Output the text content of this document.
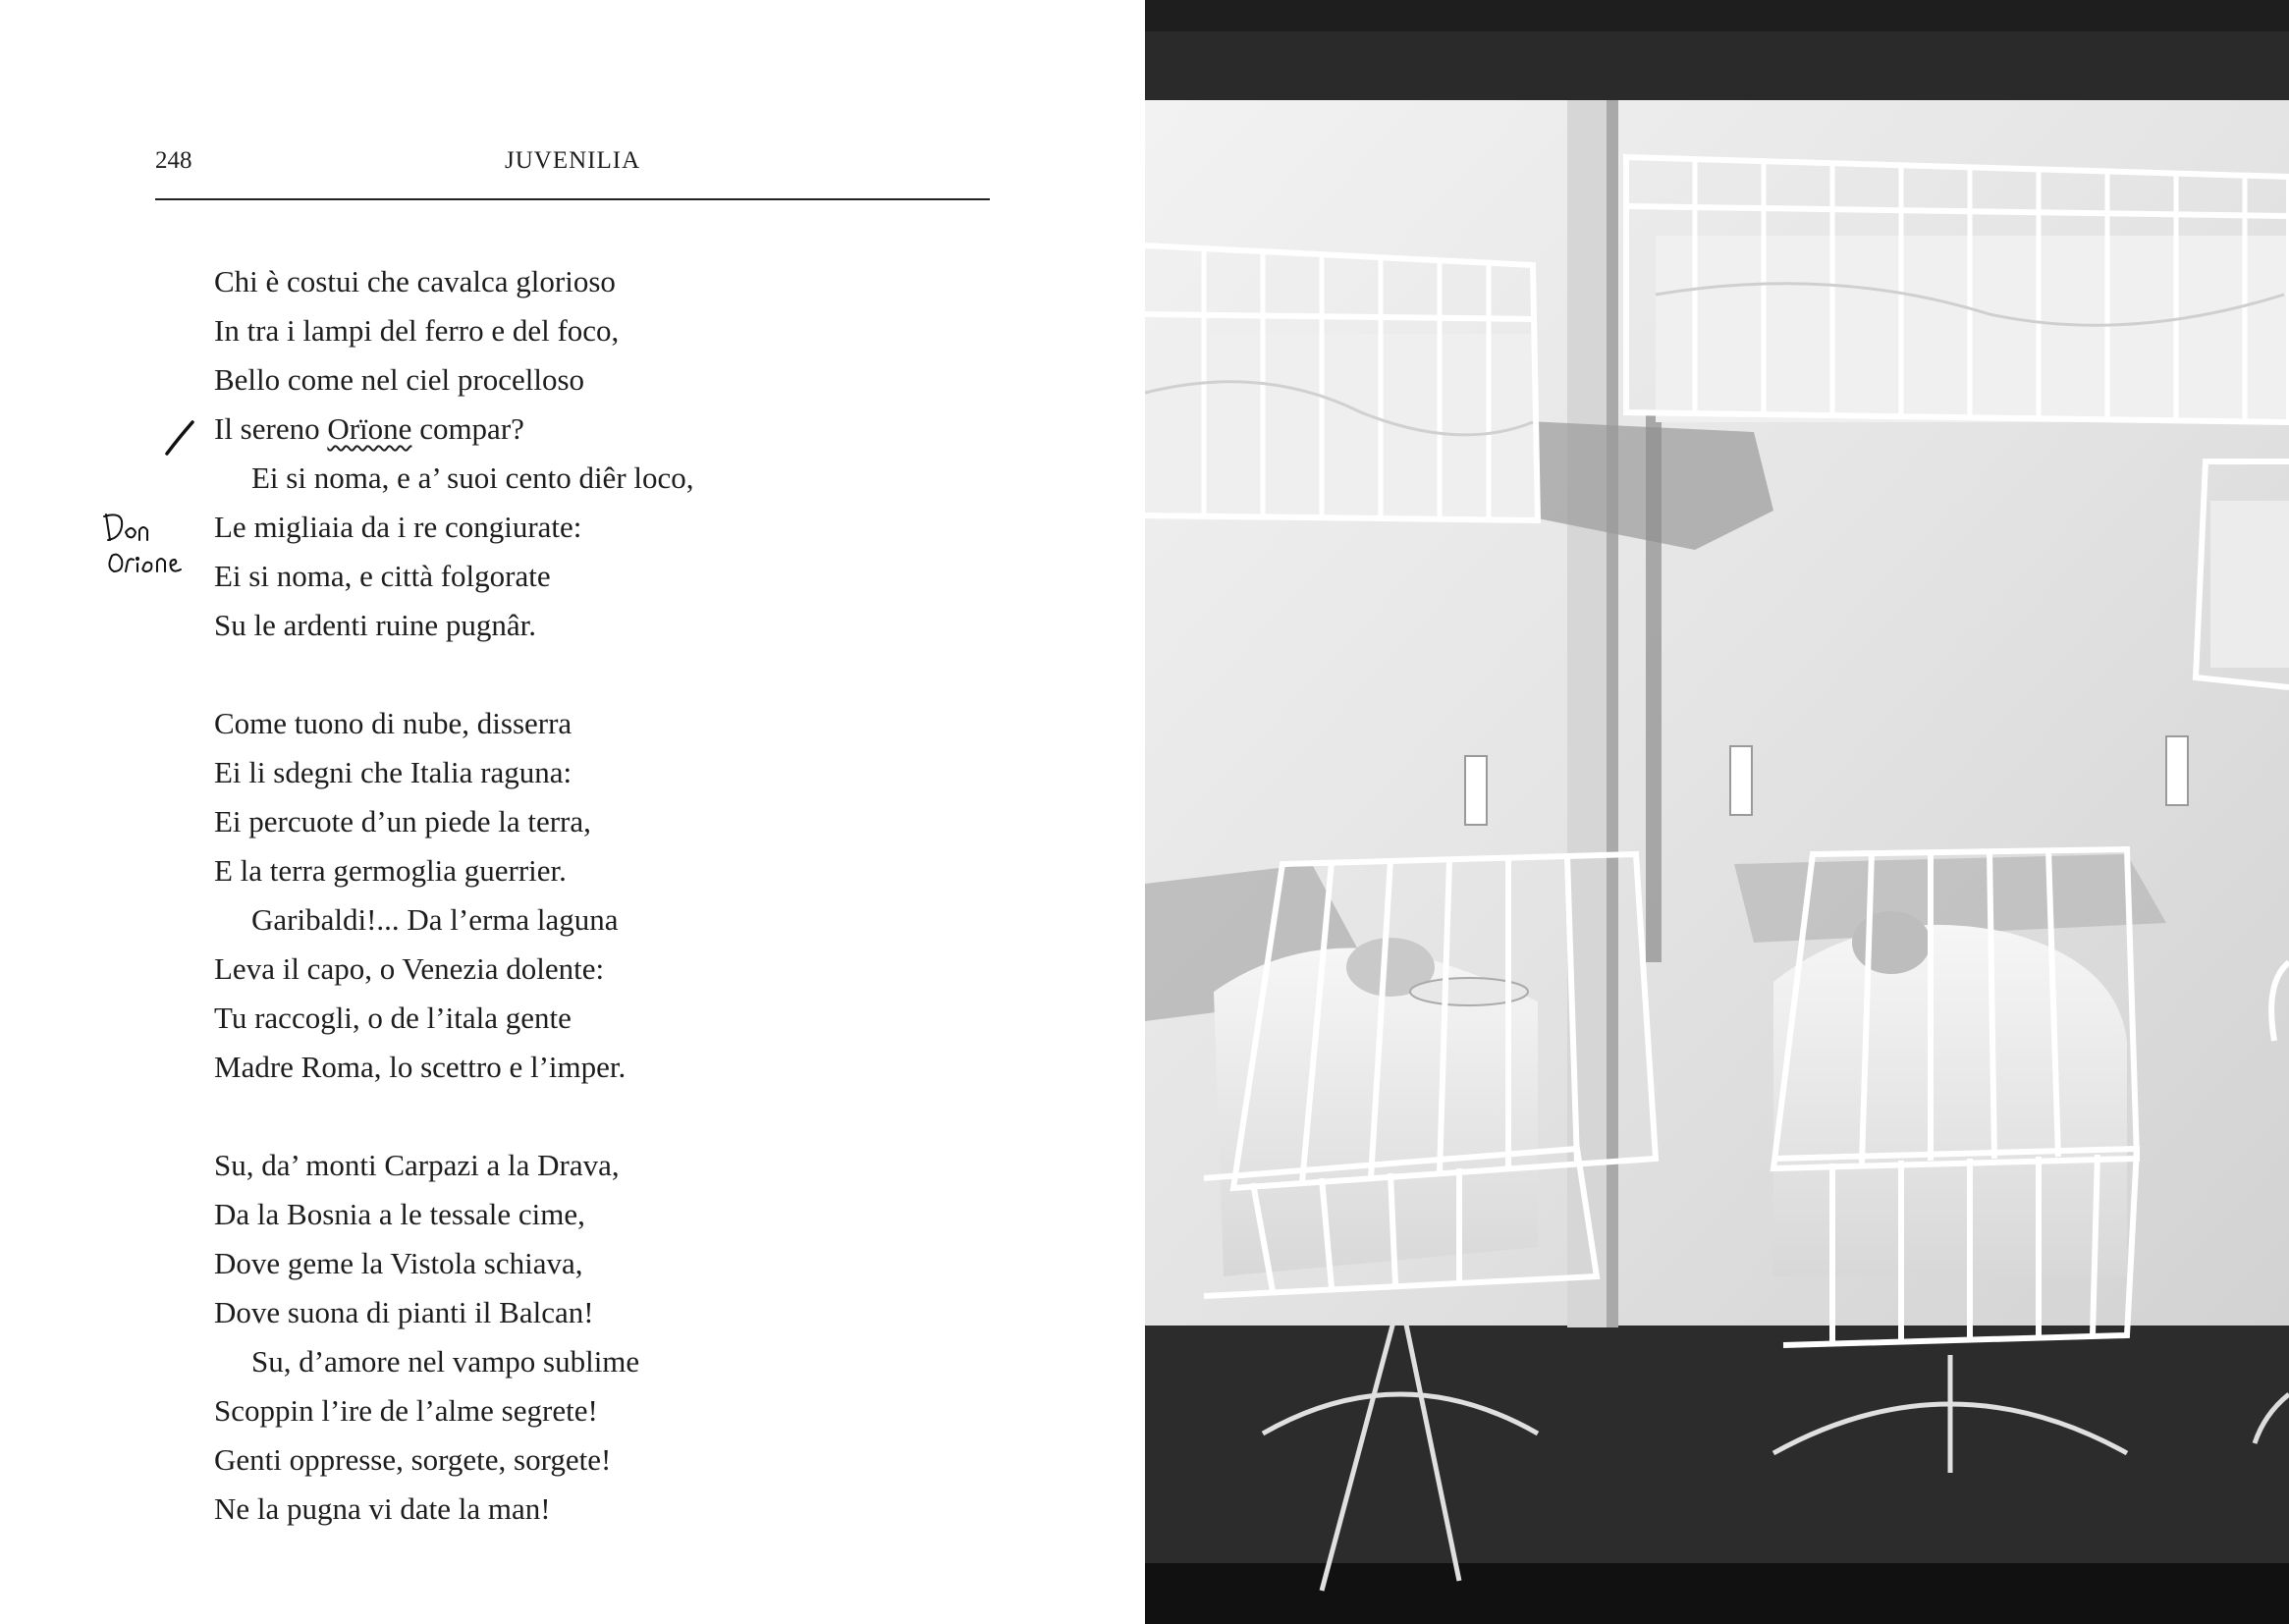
248	JUVENILIA
Chi è costui che cavalca glorioso
In tra i lampi del ferro e del foco,
Bello come nel ciel procelloso
Il sereno Orïone compar?
Ei si noma, e a’ suoi cento diêr loco,
Le migliaia da i re congiurate:
Ei si noma, e città folgorate
Su le ardenti ruine pugnâr.
Come tuono di nube, disserra
Ei li sdegni che Italia raguna:
Ei percuote d’un piede la terra,
E la terra germoglia guerrier.
Garibaldi!... Da l’erma laguna
Leva il capo, o Venezia dolente:
Tu raccogli, o de l’itala gente
Madre Roma, lo scettro e l’imper.
Su, da’ monti Carpazi a la Drava,
Da la Bosnia a le tessale cime,
Dove geme la Vistola schiava,
Dove suona di pianti il Balcan!
Su, d’amore nel vampo sublime
Scoppin l’ire de l’alme segrete!
Genti oppresse, sorgete, sorgete!
Ne la pugna vi date la man!
